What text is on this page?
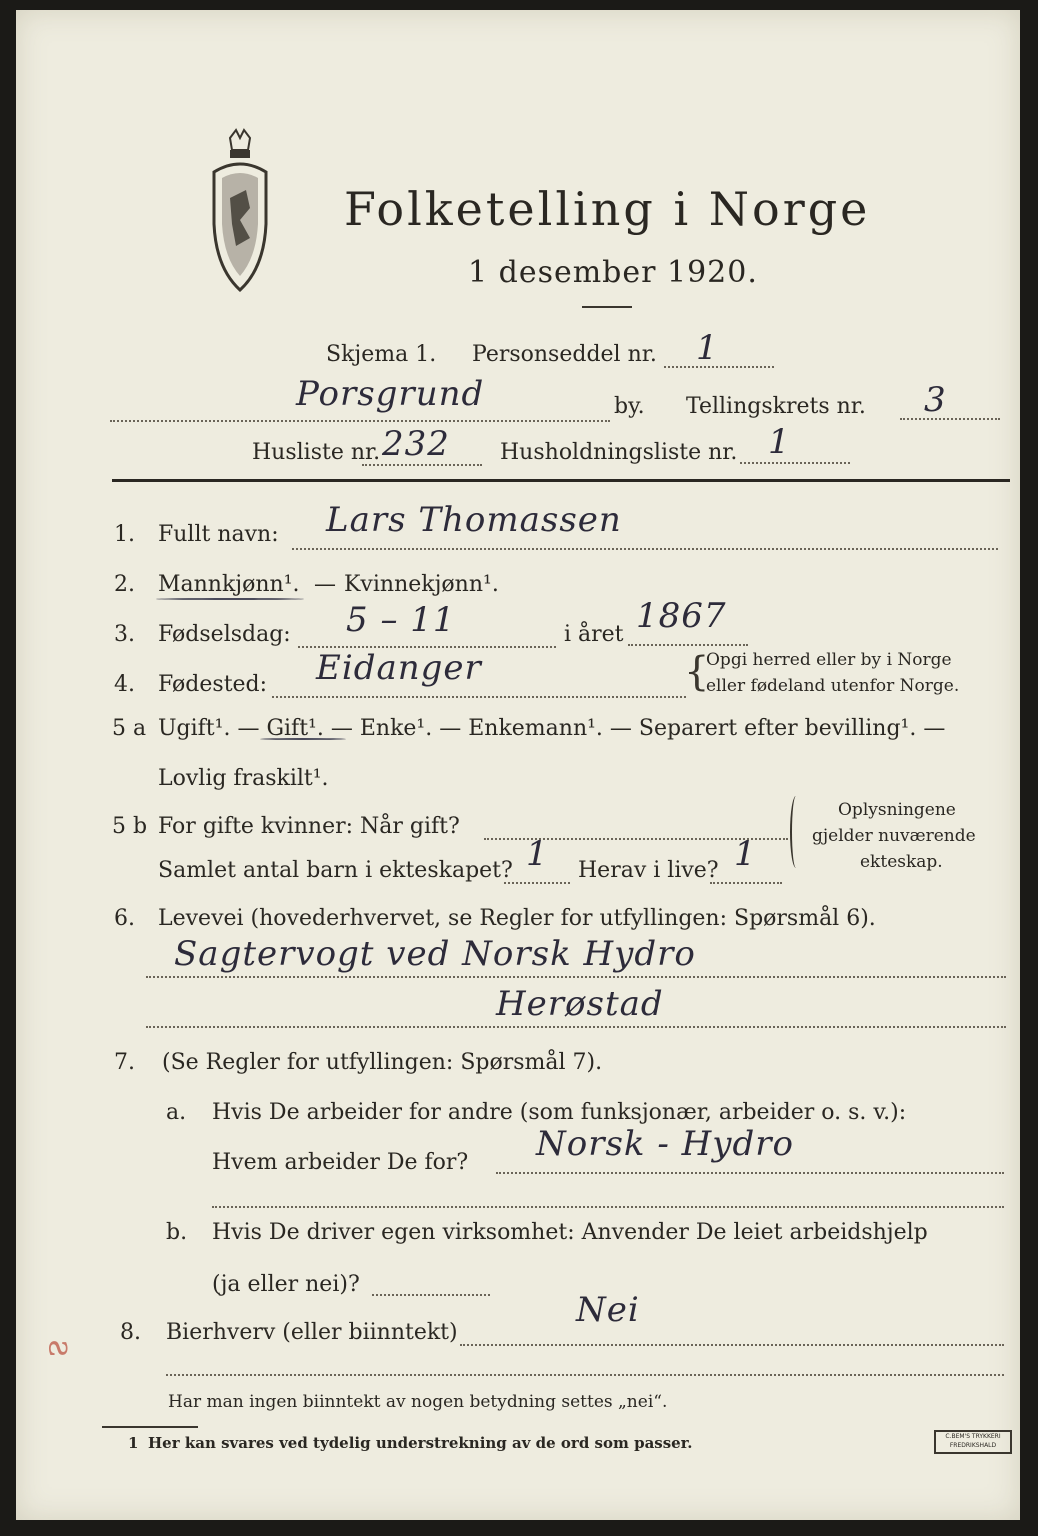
Folketelling i Norge
1 desember 1920.
Skjema 1. Personseddel nr. 1
Porsgrund	by. Tellingskrets nr. 3
Husliste nr. 232 Husholdningsliste nr. 1
1. Fullt navn: Lars Thomassen
2. Mannkjønn¹. — Kvinnekjønn¹.
3. Fødselsdag: 5 – 11	i året 1867
4. Fødested: Eidanger	{
Opgi herred eller by i Norge
eller fødeland utenfor Norge.
5 a Ugift¹. — Gift¹. — Enke¹. — Enkemann¹. — Separert efter bevilling¹. —
Lovlig fraskilt¹.
5 b For gifte kvinner: Når gift?
Samlet antal barn i ekteskapet? 1 Herav i live? 1
Oplysningene
gjelder nuværende
ekteskap.
6. Levevei (hovederhvervet, se Regler for utfyllingen: Spørsmål 6).
Sagtervogt ved Norsk Hydro
Herøstad
7. (Se Regler for utfyllingen: Spørsmål 7).
a. Hvis De arbeider for andre (som funksjonær, arbeider o. s. v.):
Hvem arbeider De for? Norsk - Hydro
b. Hvis De driver egen virksomhet: Anvender De leiet arbeidshjelp
(ja eller nei)?
8. Bierhverv (eller biinntekt)
Nei
Har man ingen biinntekt av nogen betydning settes „nei“.
1 Her kan svares ved tydelig understrekning av de ord som passer.	C.BEM'S TRYKKERI FREDRIKSHALD
ƨ
